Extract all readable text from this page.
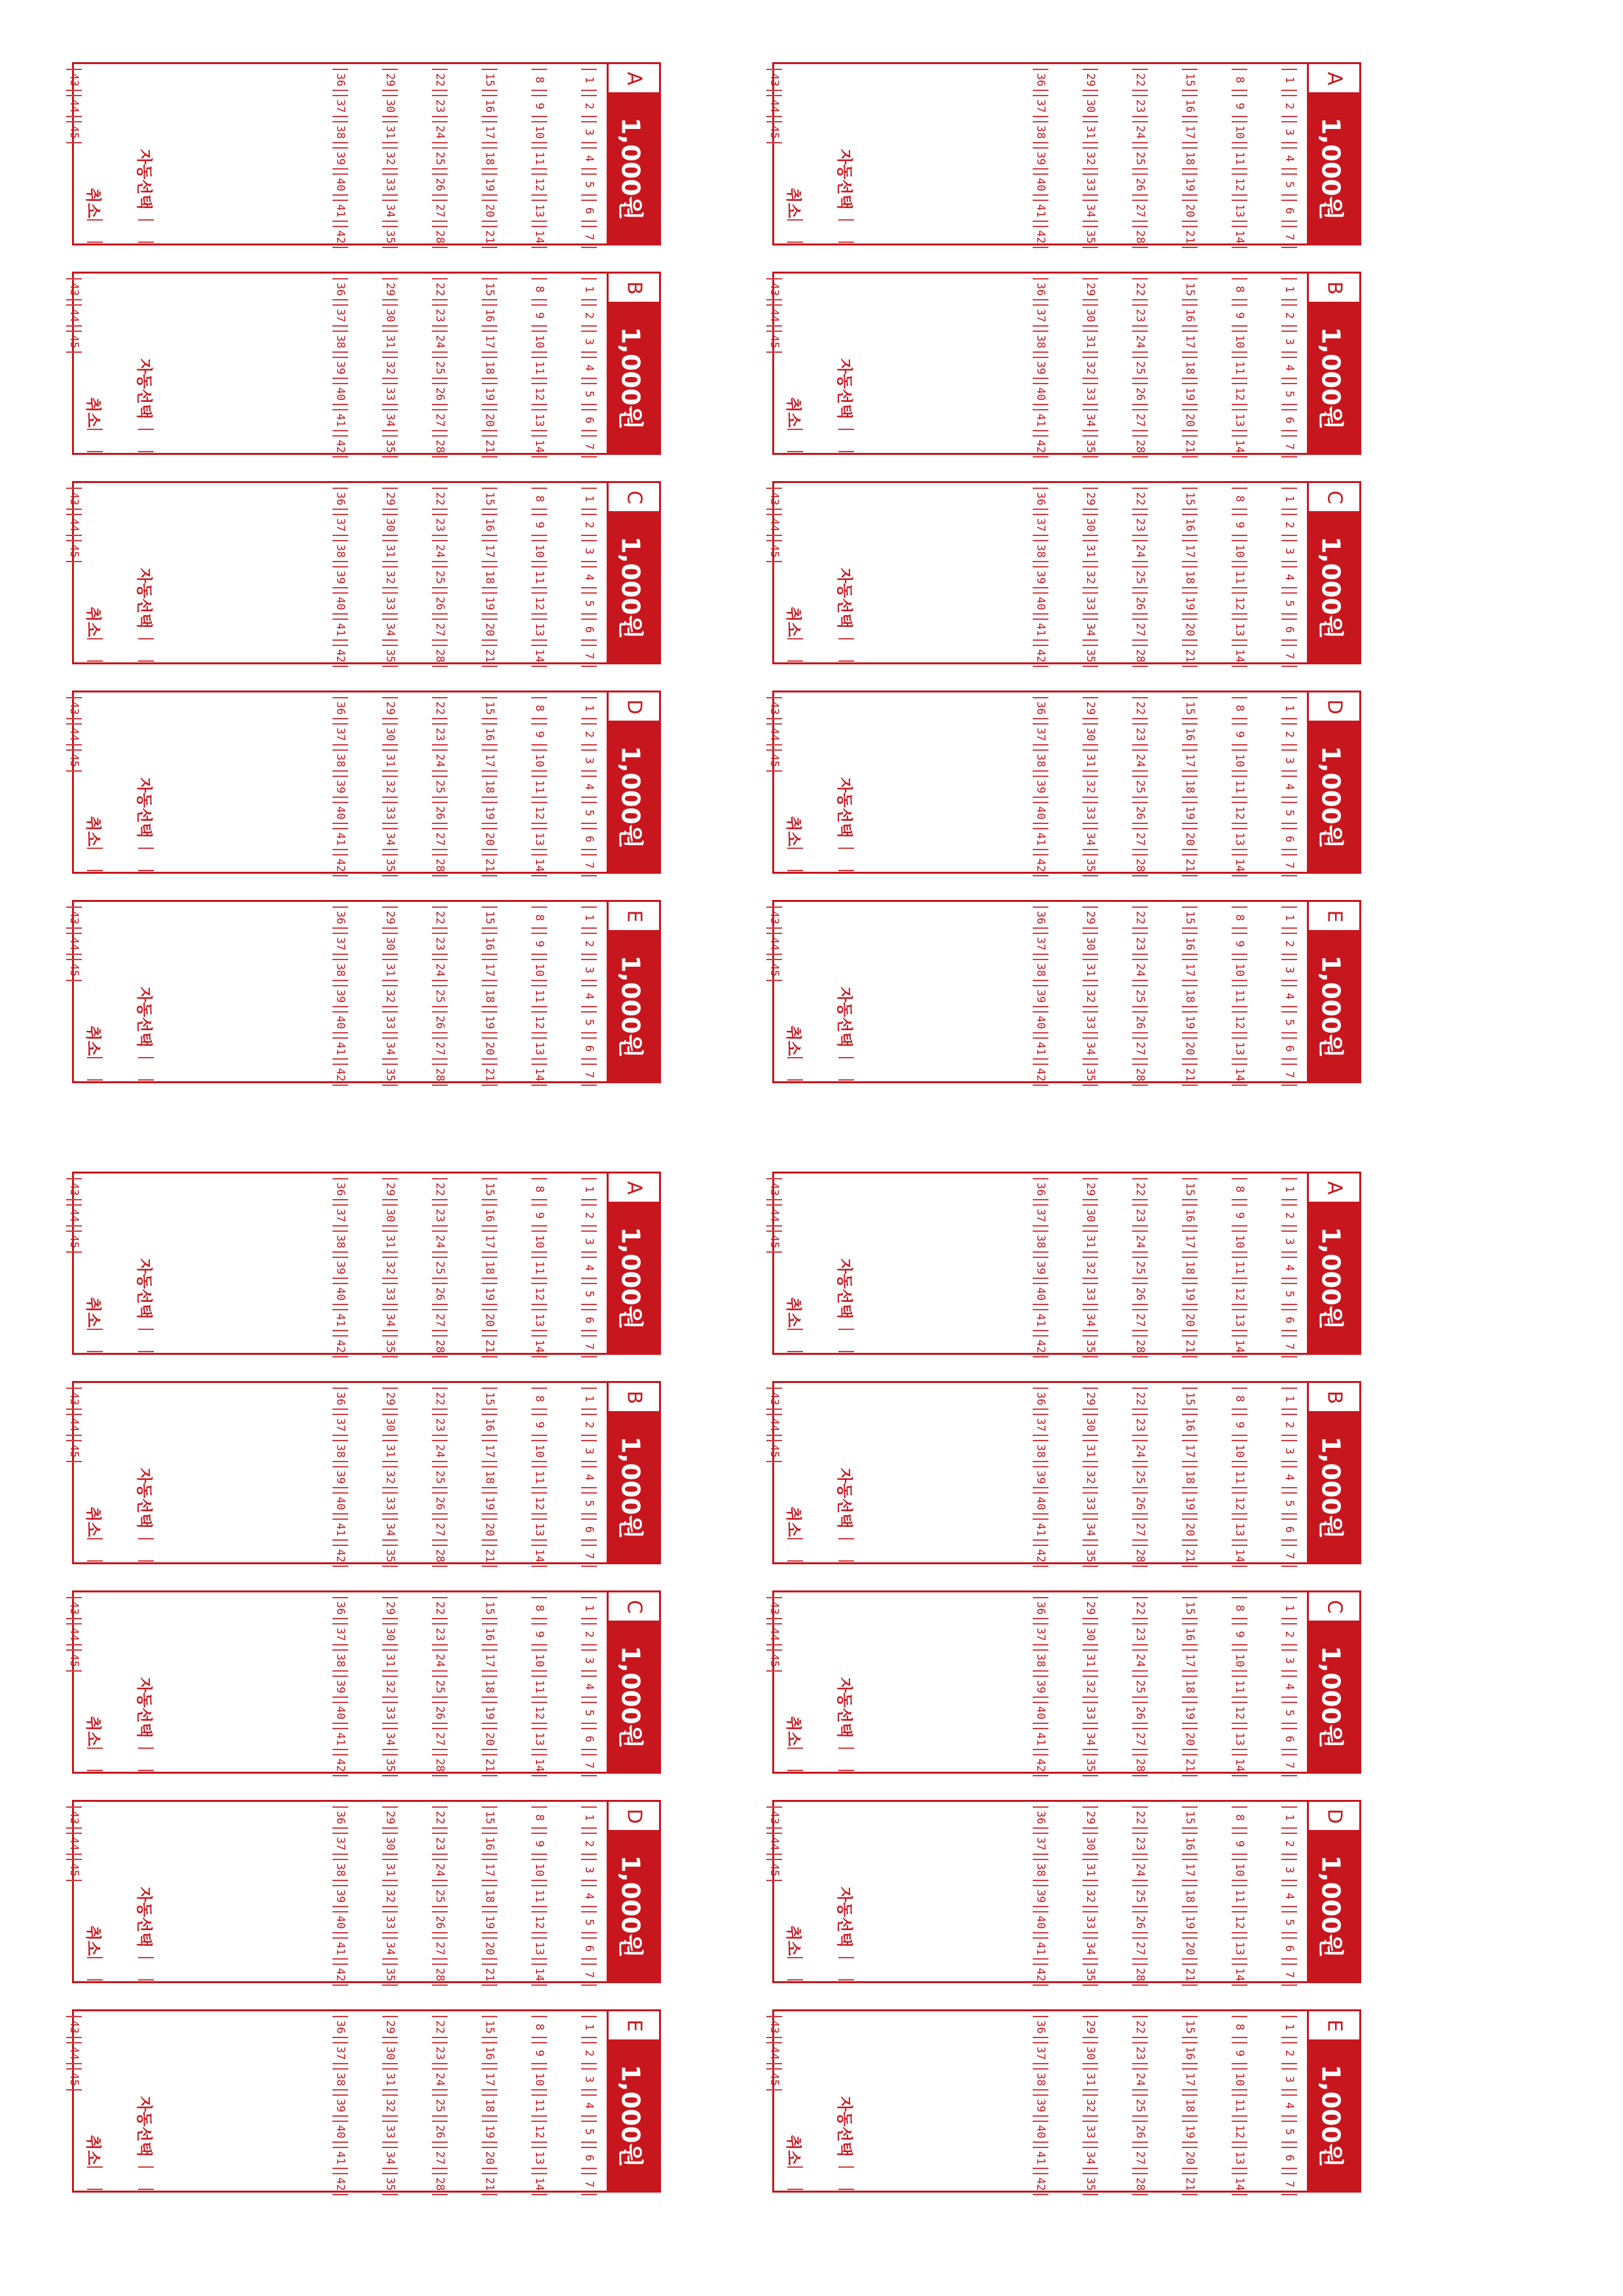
A
1,000원
1
2
3
4
5
6
7
8
9
10
11
12
13
14
15
16
17
18
19
20
21
22
23
24
25
26
27
28
29
30
31
32
33
34
35
36
37
38
39
40
41
42
43
44
45
자동선택
취소
B
1,000원
1
2
3
4
5
6
7
8
9
10
11
12
13
14
15
16
17
18
19
20
21
22
23
24
25
26
27
28
29
30
31
32
33
34
35
36
37
38
39
40
41
42
43
44
45
자동선택
취소
C
1,000원
1
2
3
4
5
6
7
8
9
10
11
12
13
14
15
16
17
18
19
20
21
22
23
24
25
26
27
28
29
30
31
32
33
34
35
36
37
38
39
40
41
42
43
44
45
자동선택
취소
D
1,000원
1
2
3
4
5
6
7
8
9
10
11
12
13
14
15
16
17
18
19
20
21
22
23
24
25
26
27
28
29
30
31
32
33
34
35
36
37
38
39
40
41
42
43
44
45
자동선택
취소
E
1,000원
1
2
3
4
5
6
7
8
9
10
11
12
13
14
15
16
17
18
19
20
21
22
23
24
25
26
27
28
29
30
31
32
33
34
35
36
37
38
39
40
41
42
43
44
45
자동선택
취소
A
1,000원
1
2
3
4
5
6
7
8
9
10
11
12
13
14
15
16
17
18
19
20
21
22
23
24
25
26
27
28
29
30
31
32
33
34
35
36
37
38
39
40
41
42
43
44
45
자동선택
취소
B
1,000원
1
2
3
4
5
6
7
8
9
10
11
12
13
14
15
16
17
18
19
20
21
22
23
24
25
26
27
28
29
30
31
32
33
34
35
36
37
38
39
40
41
42
43
44
45
자동선택
취소
C
1,000원
1
2
3
4
5
6
7
8
9
10
11
12
13
14
15
16
17
18
19
20
21
22
23
24
25
26
27
28
29
30
31
32
33
34
35
36
37
38
39
40
41
42
43
44
45
자동선택
취소
D
1,000원
1
2
3
4
5
6
7
8
9
10
11
12
13
14
15
16
17
18
19
20
21
22
23
24
25
26
27
28
29
30
31
32
33
34
35
36
37
38
39
40
41
42
43
44
45
자동선택
취소
E
1,000원
1
2
3
4
5
6
7
8
9
10
11
12
13
14
15
16
17
18
19
20
21
22
23
24
25
26
27
28
29
30
31
32
33
34
35
36
37
38
39
40
41
42
43
44
45
자동선택
취소
A
1,000원
1
2
3
4
5
6
7
8
9
10
11
12
13
14
15
16
17
18
19
20
21
22
23
24
25
26
27
28
29
30
31
32
33
34
35
36
37
38
39
40
41
42
43
44
45
자동선택
취소
B
1,000원
1
2
3
4
5
6
7
8
9
10
11
12
13
14
15
16
17
18
19
20
21
22
23
24
25
26
27
28
29
30
31
32
33
34
35
36
37
38
39
40
41
42
43
44
45
자동선택
취소
C
1,000원
1
2
3
4
5
6
7
8
9
10
11
12
13
14
15
16
17
18
19
20
21
22
23
24
25
26
27
28
29
30
31
32
33
34
35
36
37
38
39
40
41
42
43
44
45
자동선택
취소
D
1,000원
1
2
3
4
5
6
7
8
9
10
11
12
13
14
15
16
17
18
19
20
21
22
23
24
25
26
27
28
29
30
31
32
33
34
35
36
37
38
39
40
41
42
43
44
45
자동선택
취소
E
1,000원
1
2
3
4
5
6
7
8
9
10
11
12
13
14
15
16
17
18
19
20
21
22
23
24
25
26
27
28
29
30
31
32
33
34
35
36
37
38
39
40
41
42
43
44
45
자동선택
취소
A
1,000원
1
2
3
4
5
6
7
8
9
10
11
12
13
14
15
16
17
18
19
20
21
22
23
24
25
26
27
28
29
30
31
32
33
34
35
36
37
38
39
40
41
42
43
44
45
자동선택
취소
B
1,000원
1
2
3
4
5
6
7
8
9
10
11
12
13
14
15
16
17
18
19
20
21
22
23
24
25
26
27
28
29
30
31
32
33
34
35
36
37
38
39
40
41
42
43
44
45
자동선택
취소
C
1,000원
1
2
3
4
5
6
7
8
9
10
11
12
13
14
15
16
17
18
19
20
21
22
23
24
25
26
27
28
29
30
31
32
33
34
35
36
37
38
39
40
41
42
43
44
45
자동선택
취소
D
1,000원
1
2
3
4
5
6
7
8
9
10
11
12
13
14
15
16
17
18
19
20
21
22
23
24
25
26
27
28
29
30
31
32
33
34
35
36
37
38
39
40
41
42
43
44
45
자동선택
취소
E
1,000원
1
2
3
4
5
6
7
8
9
10
11
12
13
14
15
16
17
18
19
20
21
22
23
24
25
26
27
28
29
30
31
32
33
34
35
36
37
38
39
40
41
42
43
44
45
자동선택
취소
